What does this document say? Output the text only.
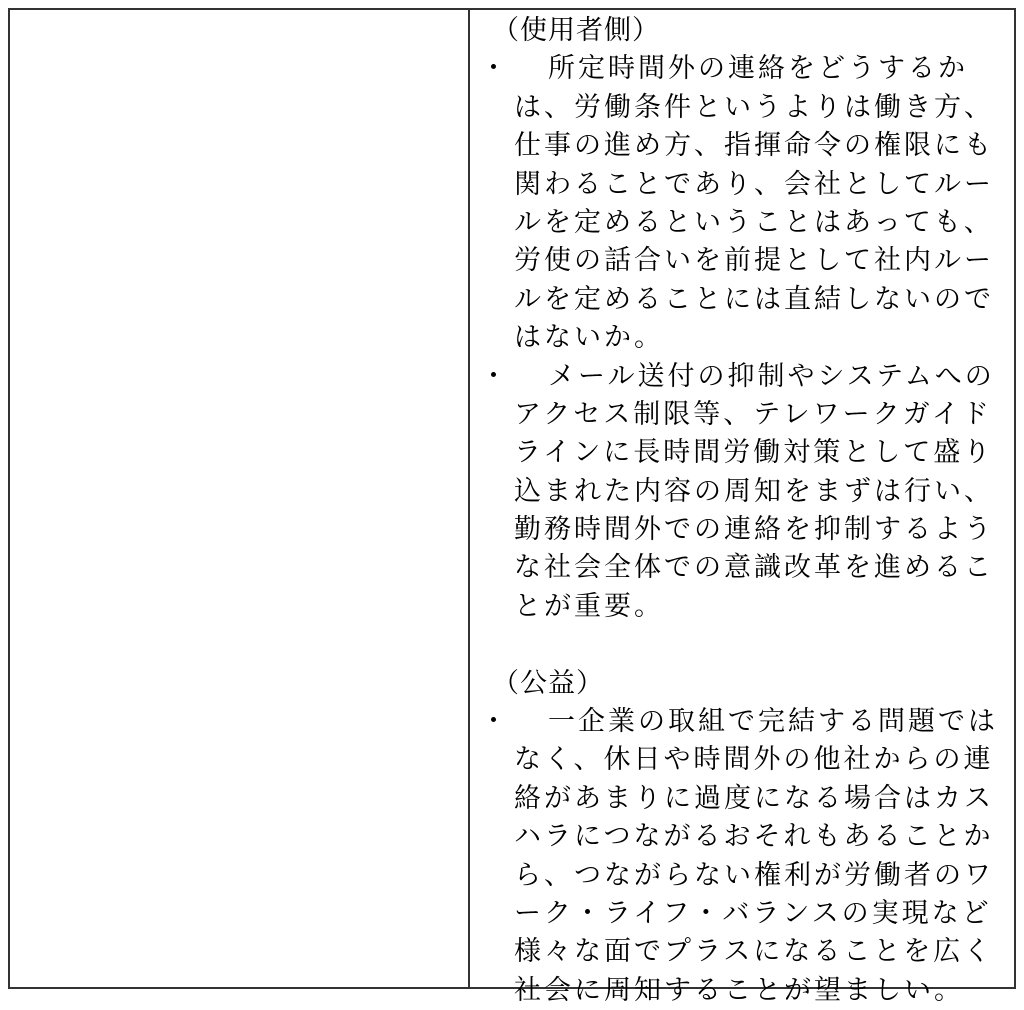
（使用者側）
・ 所定時間外の連絡をどうするか
は、労働条件というよりは働き方、
仕事の進め方、指揮命令の権限にも
関わることであり、会社としてルー
ルを定めるということはあっても、
労使の話合いを前提として社内ルー
ルを定めることには直結しないので
はないか。
・ メール送付の抑制やシステムへの
アクセス制限等、テレワークガイド
ラインに長時間労働対策として盛り
込まれた内容の周知をまずは行い、
勤務時間外での連絡を抑制するよう
な社会全体での意識改革を進めるこ
とが重要。
（公益）
・ 一企業の取組で完結する問題では
なく、休日や時間外の他社からの連
絡があまりに過度になる場合はカス
ハラにつながるおそれもあることか
ら、つながらない権利が労働者のワ
ーク・ライフ・バランスの実現など
様々な面でプラスになることを広く
社会に周知することが望ましい。
